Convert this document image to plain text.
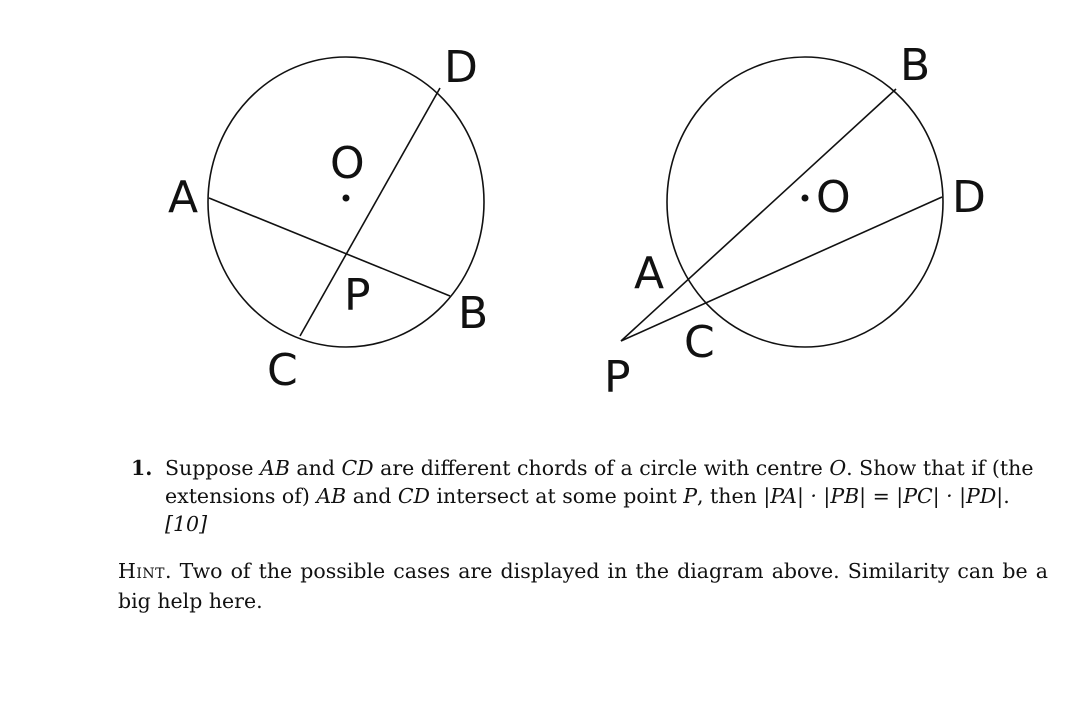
A
B
C
D
O
P	A
B
C
D
O
P
1. Suppose AB and CD are different chords of a circle with centre O. Show that if (the extensions of) AB and CD intersect at some point P, then |PA| · |PB| = |PC| · |PD|.
[10]
Hint. Two of the possible cases are displayed in the diagram above. Similarity can be a big help here.
